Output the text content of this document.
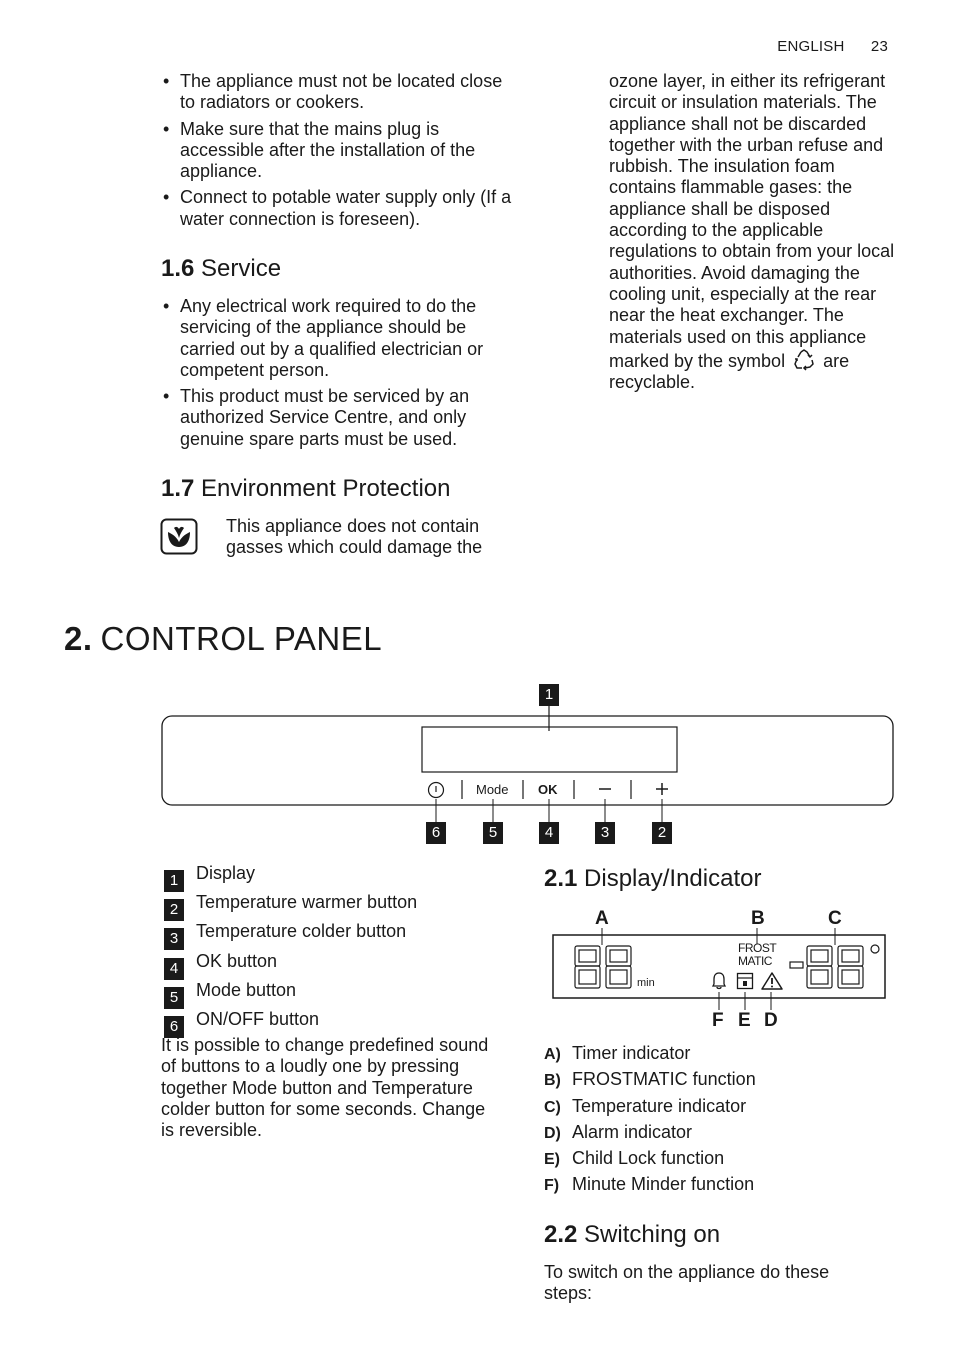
ENGLISH 23
• The appliance must not be located close to radiators or cookers.
• Make sure that the mains plug is accessible after the installation of the appliance.
• Connect to potable water supply only (If a water connection is foreseen).
1.6 Service
• Any electrical work required to do the servicing of the appliance should be carried out by a qualified electrician or competent person.
• This product must be serviced by an authorized Service Centre, and only genuine spare parts must be used.
1.7 Environment Protection
This appliance does not contain gasses which could damage the
ozone layer, in either its refrigerant circuit or insulation materials. The appliance shall not be discarded together with the urban refuse and rubbish. The insulation foam contains flammable gases: the appliance shall be disposed according to the applicable regulations to obtain from your local authorities. Avoid damaging the cooling unit, especially at the rear near the heat exchanger. The materials used on this appliance marked by the symbol are recyclable.
2. CONTROL PANEL
1
Mode OK
6	5	4	3	2
1 Display
2 Temperature warmer button
3 Temperature colder button
4 OK button
5 Mode button
6 ON/OFF button
It is possible to change predefined sound of buttons to a loudly one by pressing together Mode button and Temperature colder button for some seconds. Change is reversible.
2.1 Display/Indicator
A	B	C
min
FROST
MATIC
F E D
A) Timer indicator
B) FROSTMATIC function
C) Temperature indicator
D) Alarm indicator
E) Child Lock function
F) Minute Minder function
2.2 Switching on
To switch on the appliance do these steps:
